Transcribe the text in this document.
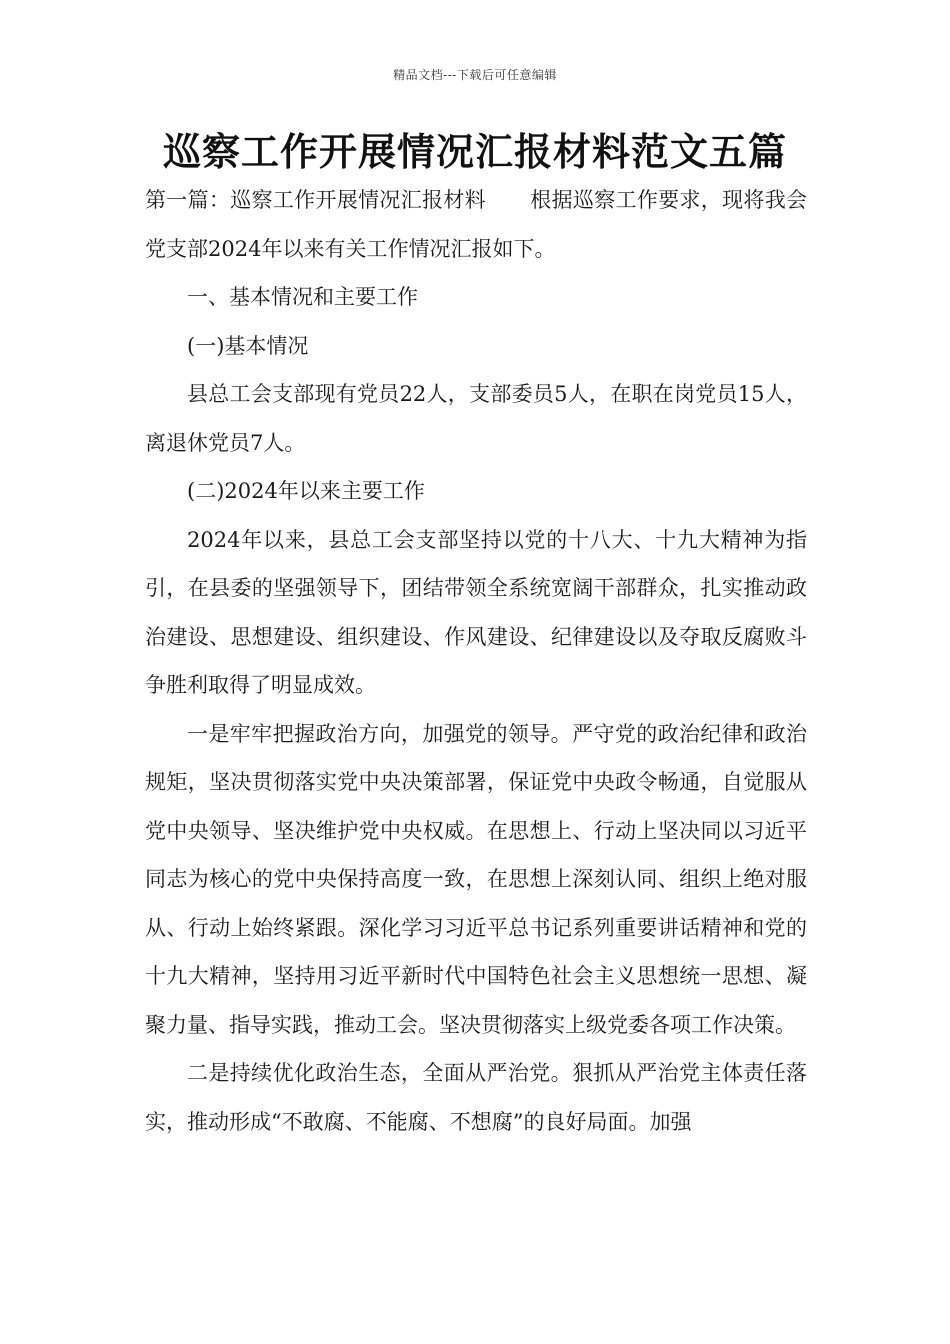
精品文档---下载后可任意编辑
巡察工作开展情况汇报材料范文五篇

第一篇：巡察工作开展情况汇报材料 根据巡察工作要求，现将我会党支部2024年以来有关工作情况汇报如下。

一、基本情况和主要工作

(一)基本情况

县总工会支部现有党员22人，支部委员5人，在职在岗党员15人，离退休党员7人。

(二)2024年以来主要工作

2024年以来，县总工会支部坚持以党的十八大、十九大精神为指引，在县委的坚强领导下，团结带领全系统宽阔干部群众，扎实推动政治建设、思想建设、组织建设、作风建设、纪律建设以及夺取反腐败斗争胜利取得了明显成效。

一是牢牢把握政治方向，加强党的领导。严守党的政治纪律和政治规矩，坚决贯彻落实党中央决策部署，保证党中央政令畅通，自觉服从党中央领导、坚决维护党中央权威。在思想上、行动上坚决同以习近平同志为核心的党中央保持高度一致，在思想上深刻认同、组织上绝对服从、行动上始终紧跟。深化学习习近平总书记系列重要讲话精神和党的十九大精神，坚持用习近平新时代中国特色社会主义思想统一思想、凝聚力量、指导实践，推动工会。坚决贯彻落实上级党委各项工作决策。

二是持续优化政治生态，全面从严治党。狠抓从严治党主体责任落实，推动形成“不敢腐、不能腐、不想腐”的良好局面。加强
